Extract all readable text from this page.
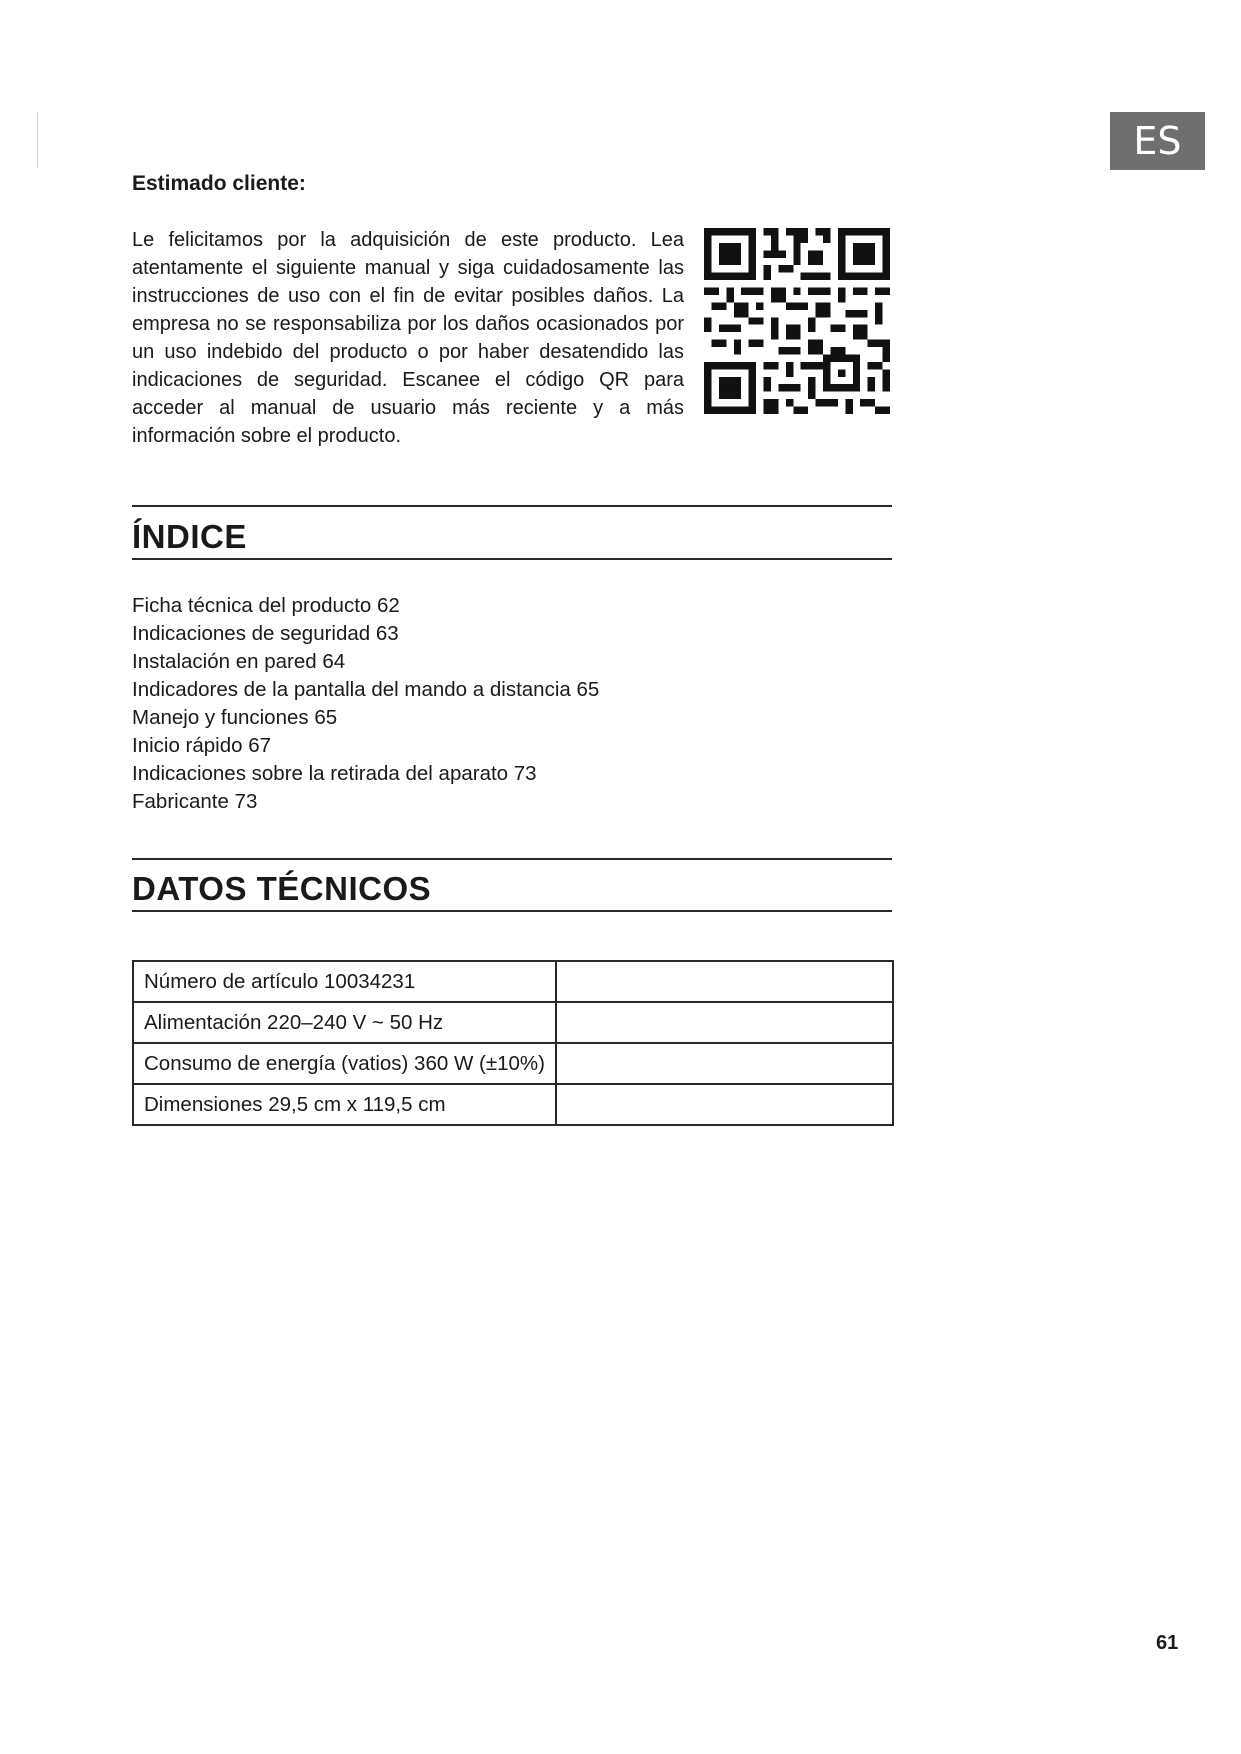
ES
Estimado cliente:

Le felicitamos por la adquisición de este producto. Lea atentamente el siguiente manual y siga cuidadosamente las instrucciones de uso con el fin de evitar posibles daños. La empresa no se responsabiliza por los daños ocasionados por un uso indebido del producto o por haber desatendido las indicaciones de seguridad. Escanee el código QR para acceder al manual de usuario más reciente y a más información sobre el producto.

ÍNDICE
Ficha técnica del producto 62
Indicaciones de seguridad 63
Instalación en pared 64
Indicadores de la pantalla del mando a distancia 65
Manejo y funciones 65
Inicio rápido 67
Indicaciones sobre la retirada del aparato 73
Fabricante 73
DATOS TÉCNICOS
Número de artículo 10034231	
Alimentación 220–240 V ~ 50 Hz	
Consumo de energía (vatios) 360 W (±10%)	
Dimensiones 29,5 cm x 119,5 cm	
61
